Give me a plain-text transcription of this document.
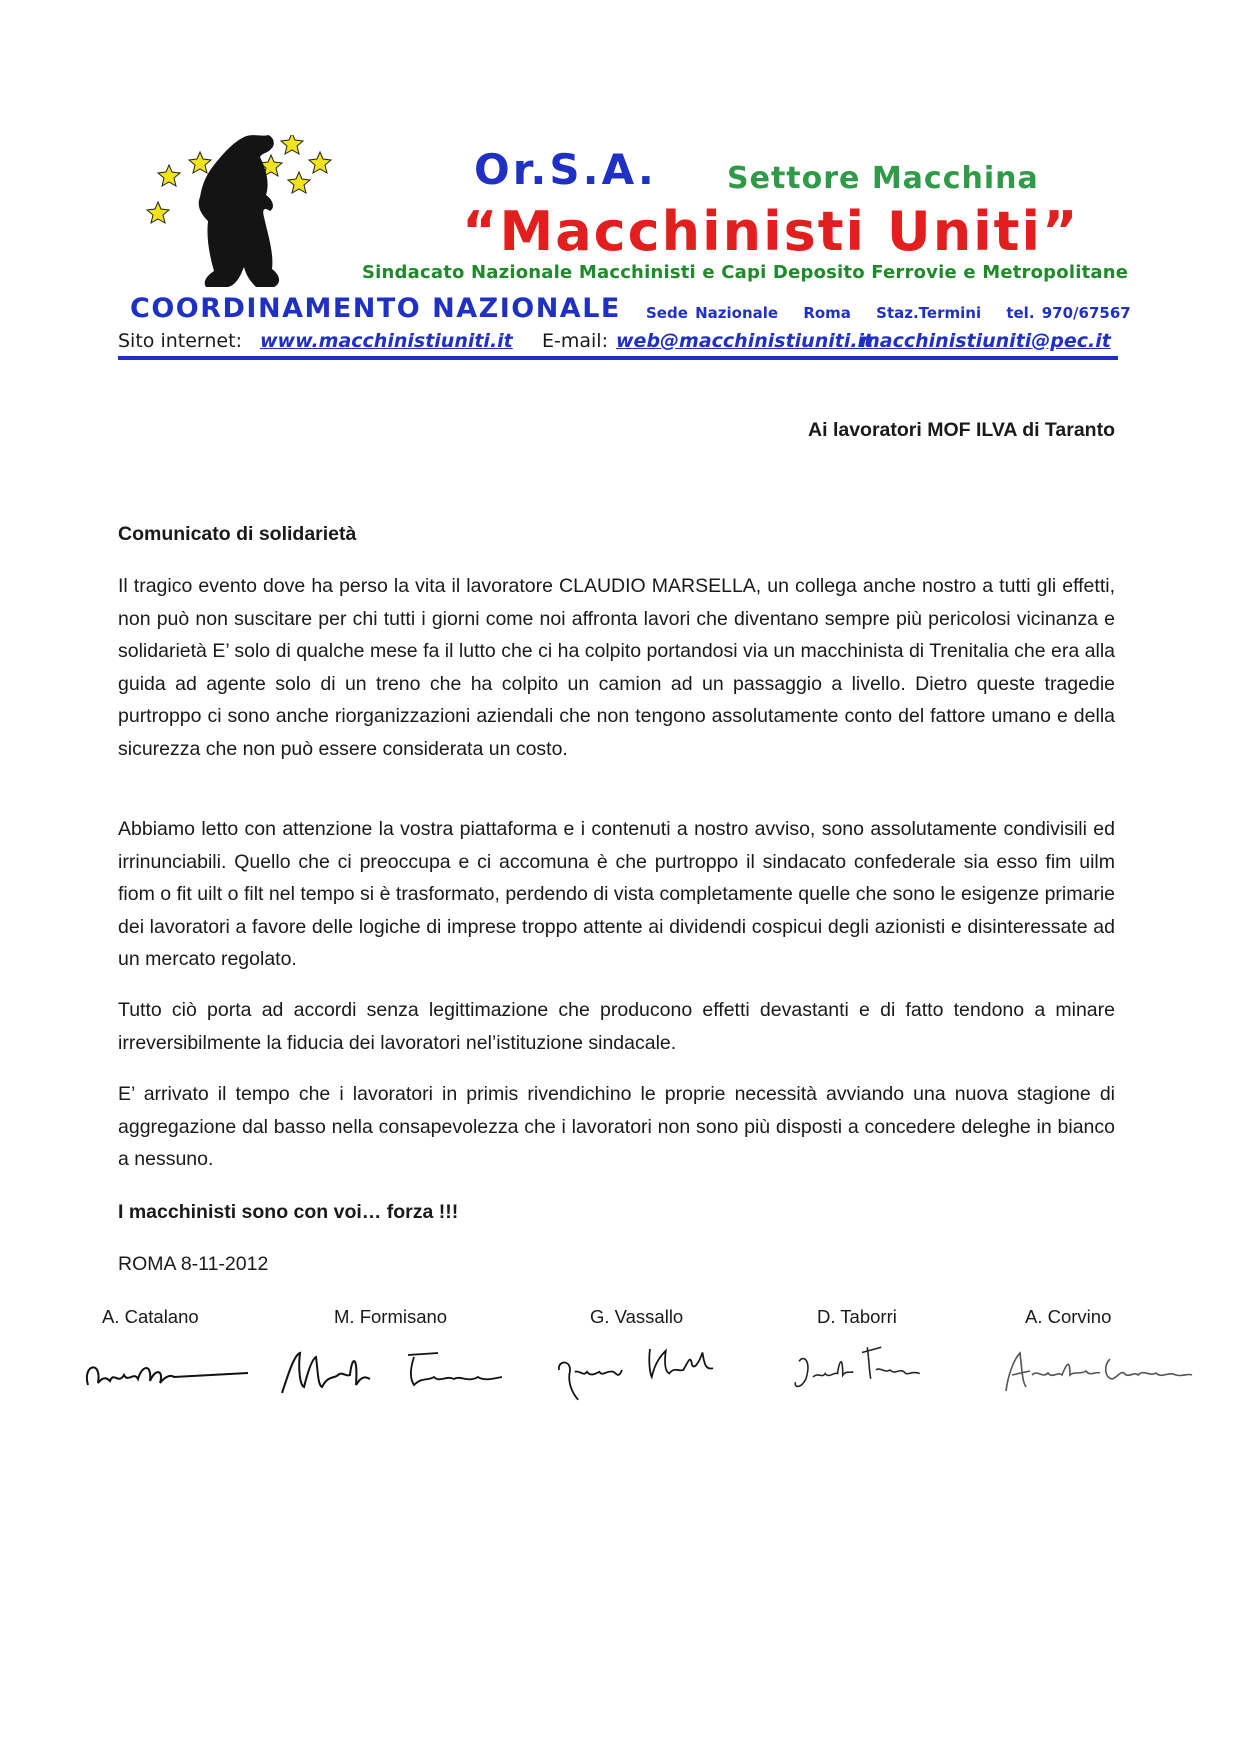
Or.S.A. Settore Macchina
“Macchinisti Uniti”
Sindacato Nazionale Macchinisti e Capi Deposito Ferrovie e Metropolitane
COORDINAMENTO NAZIONALE Sede Nazionale Roma Staz.Termini tel. 970/67567
Sito internet: www.macchinistiuniti.it E-mail: web@macchinistiuniti.it
macchinistiuniti@pec.it
Ai lavoratori MOF ILVA di Taranto
Comunicato di solidarietà

Il tragico evento dove ha perso la vita il lavoratore CLAUDIO MARSELLA, un collega anche nostro a tutti gli effetti, non può non suscitare per chi tutti i giorni come noi affronta lavori che diventano sempre più pericolosi vicinanza e solidarietà E’ solo di qualche mese fa il lutto che ci ha colpito portandosi via un macchinista di Trenitalia che era alla guida ad agente solo di un treno che ha colpito un camion ad un passaggio a livello. Dietro queste tragedie purtroppo ci sono anche riorganizzazioni aziendali che non tengono assolutamente conto del fattore umano e della sicurezza che non può essere considerata un costo.

Abbiamo letto con attenzione la vostra piattaforma e i contenuti a nostro avviso, sono assolutamente condivisili ed irrinunciabili. Quello che ci preoccupa e ci accomuna è che purtroppo il sindacato confederale sia esso fim uilm fiom o fit uilt o filt nel tempo si è trasformato, perdendo di vista completamente quelle che sono le esigenze primarie dei lavoratori a favore delle logiche di imprese troppo attente ai dividendi cospicui degli azionisti e disinteressate ad un mercato regolato.

Tutto ciò porta ad accordi senza legittimazione che producono effetti devastanti e di fatto tendono a minare irreversibilmente la fiducia dei lavoratori nel’istituzione sindacale.

E’ arrivato il tempo che i lavoratori in primis rivendichino le proprie necessità avviando una nuova stagione di aggregazione dal basso nella consapevolezza che i lavoratori non sono più disposti a concedere deleghe in bianco a nessuno.

I macchinisti sono con voi… forza !!!
ROMA 8-11-2012
A. Catalano	M. Formisano	G. Vassallo	D. Taborri	A. Corvino
